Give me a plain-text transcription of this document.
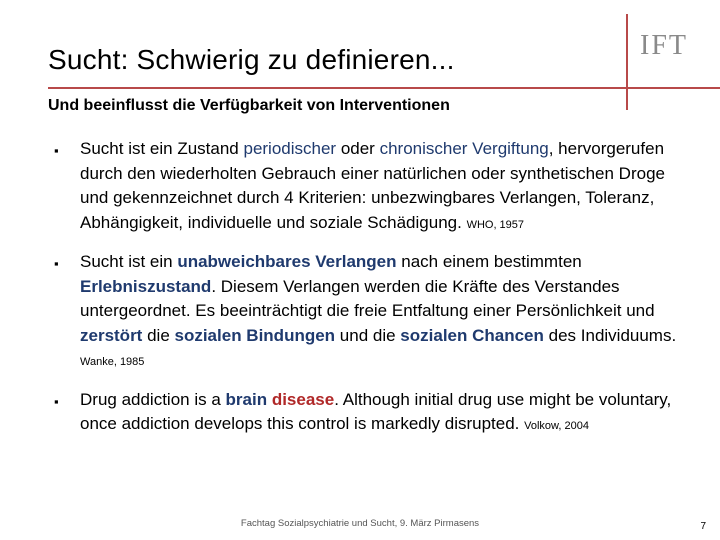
Sucht: Schwierig zu definieren...	IFT
Und beeinflusst die Verfügbarkeit von Interventionen
▪ Sucht ist ein Zustand periodischer oder chronischer Vergiftung, hervorgerufen durch den wiederholten Gebrauch einer natürlichen oder synthetischen Droge und gekennzeichnet durch 4 Kriterien: unbezwingbares Verlangen, Toleranz, Abhängigkeit, individuelle und soziale Schädigung. WHO, 1957
▪ Sucht ist ein unabweichbares Verlangen nach einem bestimmten Erlebniszustand. Diesem Verlangen werden die Kräfte des Verstandes untergeordnet. Es beeinträchtigt die freie Entfaltung einer Persönlichkeit und zerstört die sozialen Bindungen und die sozialen Chancen des Individuums. Wanke, 1985
▪ Drug addiction is a brain disease. Although initial drug use might be voluntary, once addiction develops this control is markedly disrupted. Volkow, 2004
Fachtag Sozialpsychiatrie und Sucht, 9. März Pirmasens	7
